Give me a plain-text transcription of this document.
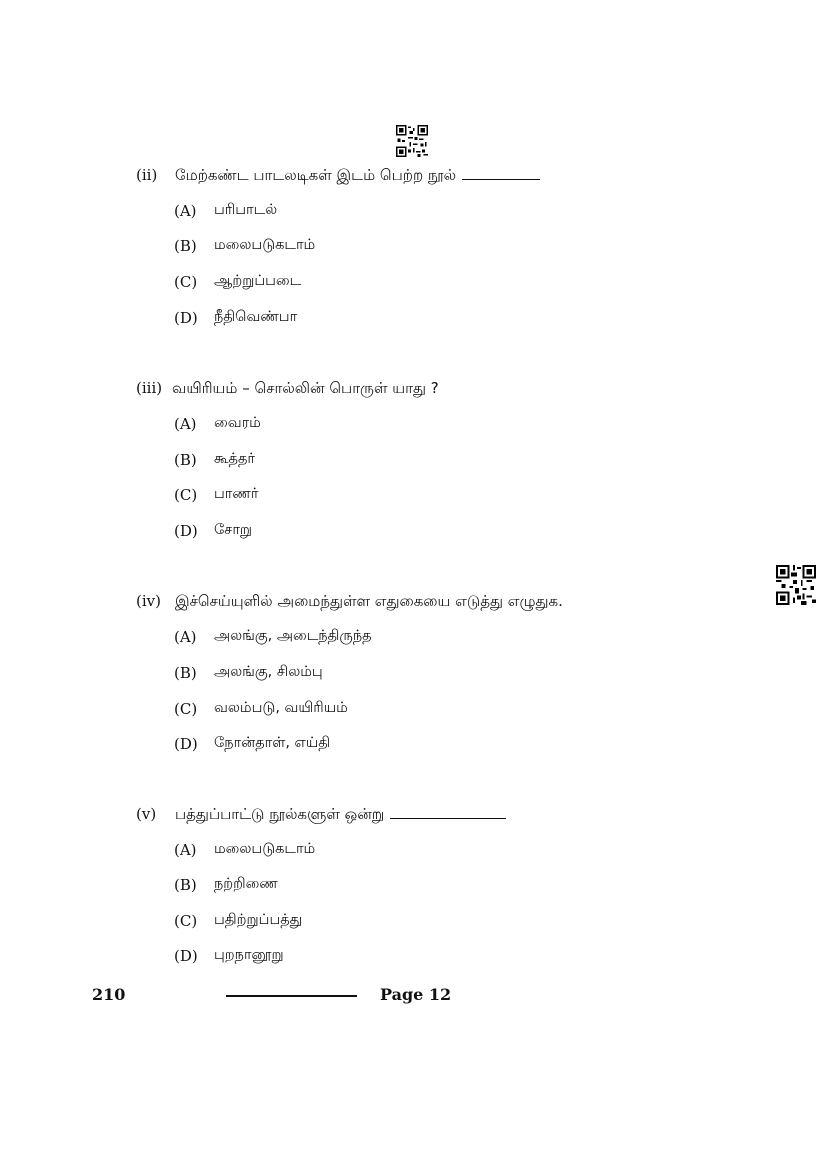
(ii) மேற்கண்ட பாடலடிகள் இடம் பெற்ற நூல்
(A) பரிபாடல்
(B) மலைபடுகடாம்
(C) ஆற்றுப்படை
(D) நீதிவெண்பா
(iii) வயிரியம் – சொல்லின் பொருள் யாது ?
(A) வைரம்
(B) கூத்தர்
(C) பாணர்
(D) சோறு
(iv) இச்செய்யுளில் அமைந்துள்ள எதுகையை எடுத்து எழுதுக.
(A) அலங்கு, அடைந்திருந்த
(B) அலங்கு, சிலம்பு
(C) வலம்படு, வயிரியம்
(D) நோன்தாள், எய்தி
(v) பத்துப்பாட்டு நூல்களுள் ஒன்று
(A) மலைபடுகடாம்
(B) நற்றிணை
(C) பதிற்றுப்பத்து
(D) புறநானூறு
210	Page 12
